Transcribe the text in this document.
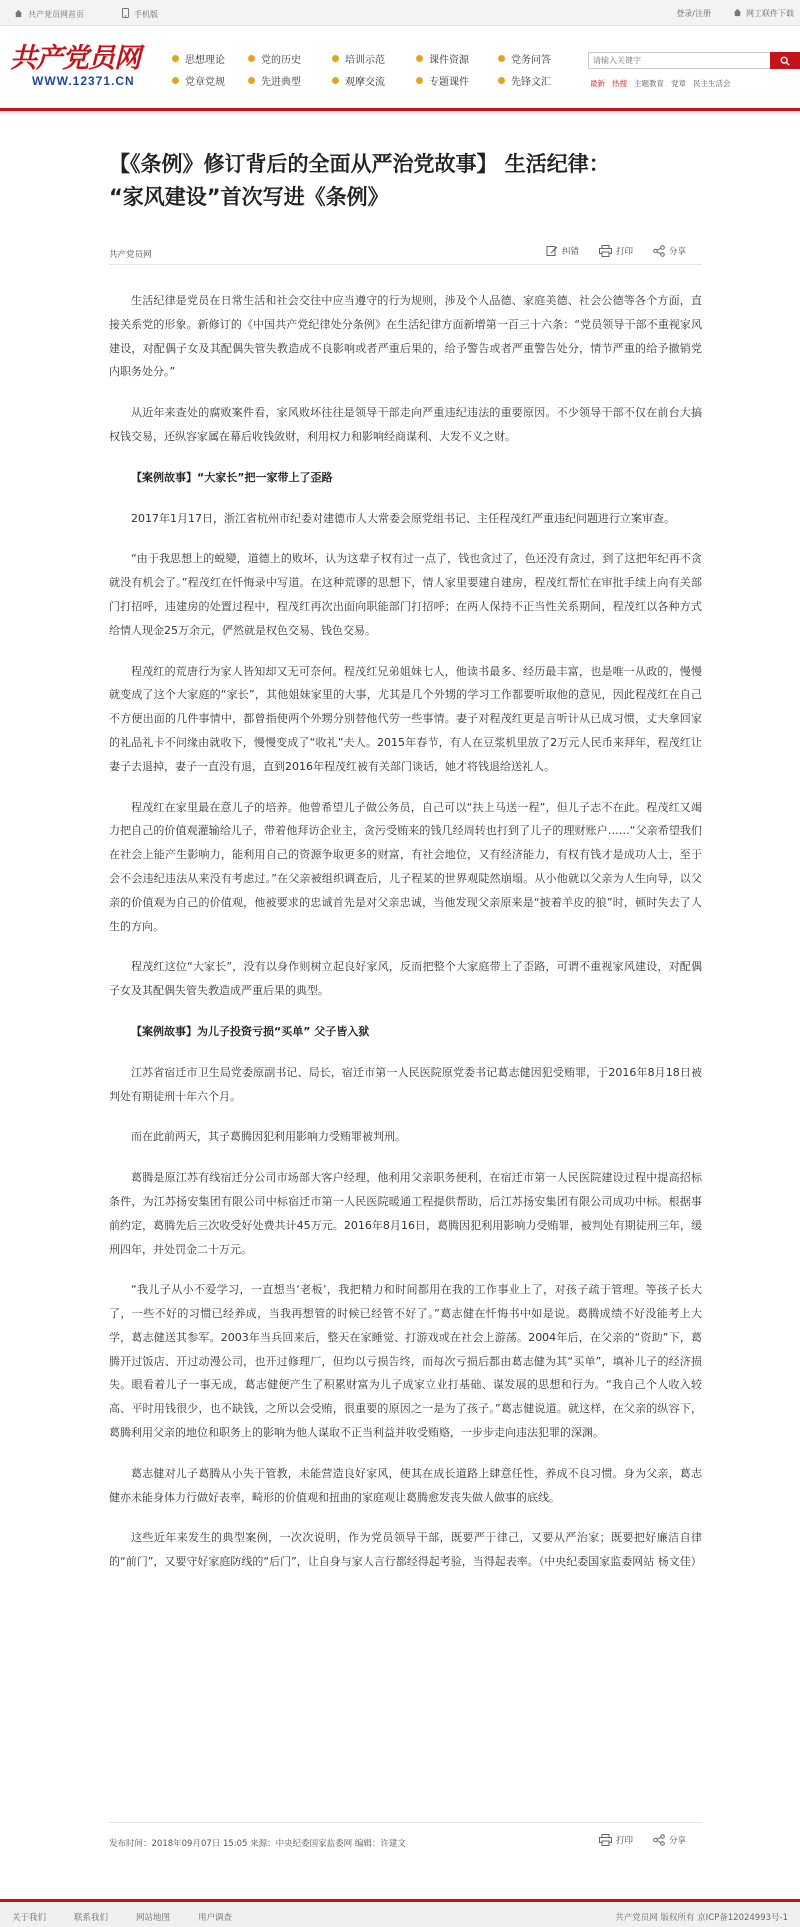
共产党员网首页	手机版	登录/注册	网工联件下载
共产党员网
WWW.12371.CN
思想理论	党的历史	培训示范	课件资源	党务问答
党章党规	先进典型	观摩交流	专题课件	先锋文汇
请输入关键字	最新 热搜 主题教育 党章 民主生活会
【《条例》修订背后的全面从严治党故事】 生活纪律：
“家风建设”首次写进《条例》
共产党员网	纠错	打印	分享

生活纪律是党员在日常生活和社会交往中应当遵守的行为规则，涉及个人品德、家庭美德、社会公德等各个方面，直接关系党的形象。新修订的《中国共产党纪律处分条例》在生活纪律方面新增第一百三十六条：“党员领导干部不重视家风建设，对配偶子女及其配偶失管失教造成不良影响或者严重后果的，给予警告或者严重警告处分，情节严重的给予撤销党内职务处分。”

从近年来查处的腐败案件看，家风败坏往往是领导干部走向严重违纪违法的重要原因。不少领导干部不仅在前台大搞权钱交易，还纵容家属在幕后收钱敛财，利用权力和影响经商谋利、大发不义之财。

【案例故事】“大家长”把一家带上了歪路

2017年1月17日，浙江省杭州市纪委对建德市人大常委会原党组书记、主任程茂红严重违纪问题进行立案审查。

“由于我思想上的蜕變，道德上的败坏，认为这辈子权有过一点了，钱也贪过了，色还没有贪过，到了这把年纪再不贪就没有机会了。”程茂红在忏悔录中写道。在这种荒谬的思想下，情人家里要建自建房，程茂红帮忙在审批手续上向有关部门打招呼，违建房的处置过程中，程茂红再次出面向职能部门打招呼；在两人保持不正当性关系期间，程茂红以各种方式给情人现金25万余元，俨然就是权色交易、钱色交易。

程茂红的荒唐行为家人皆知却又无可奈何。程茂红兄弟姐妹七人，他读书最多、经历最丰富，也是唯一从政的，慢慢就变成了这个大家庭的“家长”，其他姐妹家里的大事，尤其是几个外甥的学习工作都要听取他的意见，因此程茂红在自己不方便出面的几件事情中，都曾指使两个外甥分别替他代劳一些事情。妻子对程茂红更是言听计从已成习惯，丈夫拿回家的礼品礼卡不问缘由就收下，慢慢变成了“收礼”夫人。2015年春节，有人在豆浆机里放了2万元人民币来拜年，程茂红让妻子去退掉，妻子一直没有退，直到2016年程茂红被有关部门谈话，她才将钱退给送礼人。

程茂红在家里最在意儿子的培养。他曾希望儿子做公务员，自己可以“扶上马送一程”，但儿子志不在此。程茂红又竭力把自己的价值观灌输给儿子，带着他拜访企业主，贪污受贿来的钱几经周转也打到了儿子的理财账户……“父亲希望我们在社会上能产生影响力，能利用自己的资源争取更多的财富，有社会地位，又有经济能力，有权有钱才是成功人士，至于会不会违纪违法从来没有考虑过。”在父亲被组织调查后，儿子程某的世界观陡然崩塌。从小他就以父亲为人生向导，以父亲的价值观为自己的价值观，他被要求的忠诚首先是对父亲忠诚，当他发现父亲原来是“披着羊皮的狼”时，顿时失去了人生的方向。

程茂红这位“大家长”，没有以身作则树立起良好家风，反而把整个大家庭带上了歪路，可谓不重视家风建设，对配偶子女及其配偶失管失教造成严重后果的典型。

【案例故事】为儿子投资亏损“买单” 父子皆入狱

江苏省宿迁市卫生局党委原副书记、局长，宿迁市第一人民医院原党委书记葛志健因犯受贿罪，于2016年8月18日被判处有期徒刑十年六个月。

而在此前两天，其子葛腾因犯利用影响力受贿罪被判刑。

葛腾是原江苏有线宿迁分公司市场部大客户经理，他利用父亲职务便利，在宿迁市第一人民医院建设过程中提高招标条件，为江苏扬安集团有限公司中标宿迁市第一人民医院暖通工程提供帮助，后江苏扬安集团有限公司成功中标。根据事前约定，葛腾先后三次收受好处费共计45万元。2016年8月16日，葛腾因犯利用影响力受贿罪，被判处有期徒刑三年，缓刑四年，并处罚金二十万元。

“我儿子从小不爱学习，一直想当‘老板’，我把精力和时间都用在我的工作事业上了，对孩子疏于管理。等孩子长大了，一些不好的习惯已经养成，当我再想管的时候已经管不好了。”葛志健在忏悔书中如是说。葛腾成绩不好没能考上大学，葛志健送其参军。2003年当兵回来后，整天在家睡觉、打游戏或在社会上游荡。2004年后，在父亲的“资助”下，葛腾开过饭店、开过动漫公司，也开过修理厂，但均以亏损告终，而每次亏损后都由葛志健为其“买单”，填补儿子的经济损失。眼看着儿子一事无成，葛志健便产生了积累财富为儿子成家立业打基础、谋发展的思想和行为。“我自己个人收入较高、平时用钱很少，也不缺钱，之所以会受贿，很重要的原因之一是为了孩子。”葛志健说道。就这样，在父亲的纵容下，葛腾利用父亲的地位和职务上的影响为他人谋取不正当利益并收受贿赂，一步步走向违法犯罪的深渊。

葛志健对儿子葛腾从小失于管教，未能营造良好家风，使其在成长道路上肆意任性，养成不良习惯。身为父亲，葛志健亦未能身体力行做好表率，畸形的价值观和扭曲的家庭观让葛腾愈发丧失做人做事的底线。

这些近年来发生的典型案例，一次次说明，作为党员领导干部，既要严于律己，又要从严治家；既要把好廉洁自律的“前门”，又要守好家庭防线的“后门”，让自身与家人言行都经得起考验，当得起表率。（中央纪委国家监委网站 杨文佳）

发布时间：2018年09月07日 15:05 来源：中央纪委国家监委网 编辑：许建文	打印	分享
关于我们	联系我们	网站地图	用户调查	共产党员网 版权所有 京ICP备12024993号-1
